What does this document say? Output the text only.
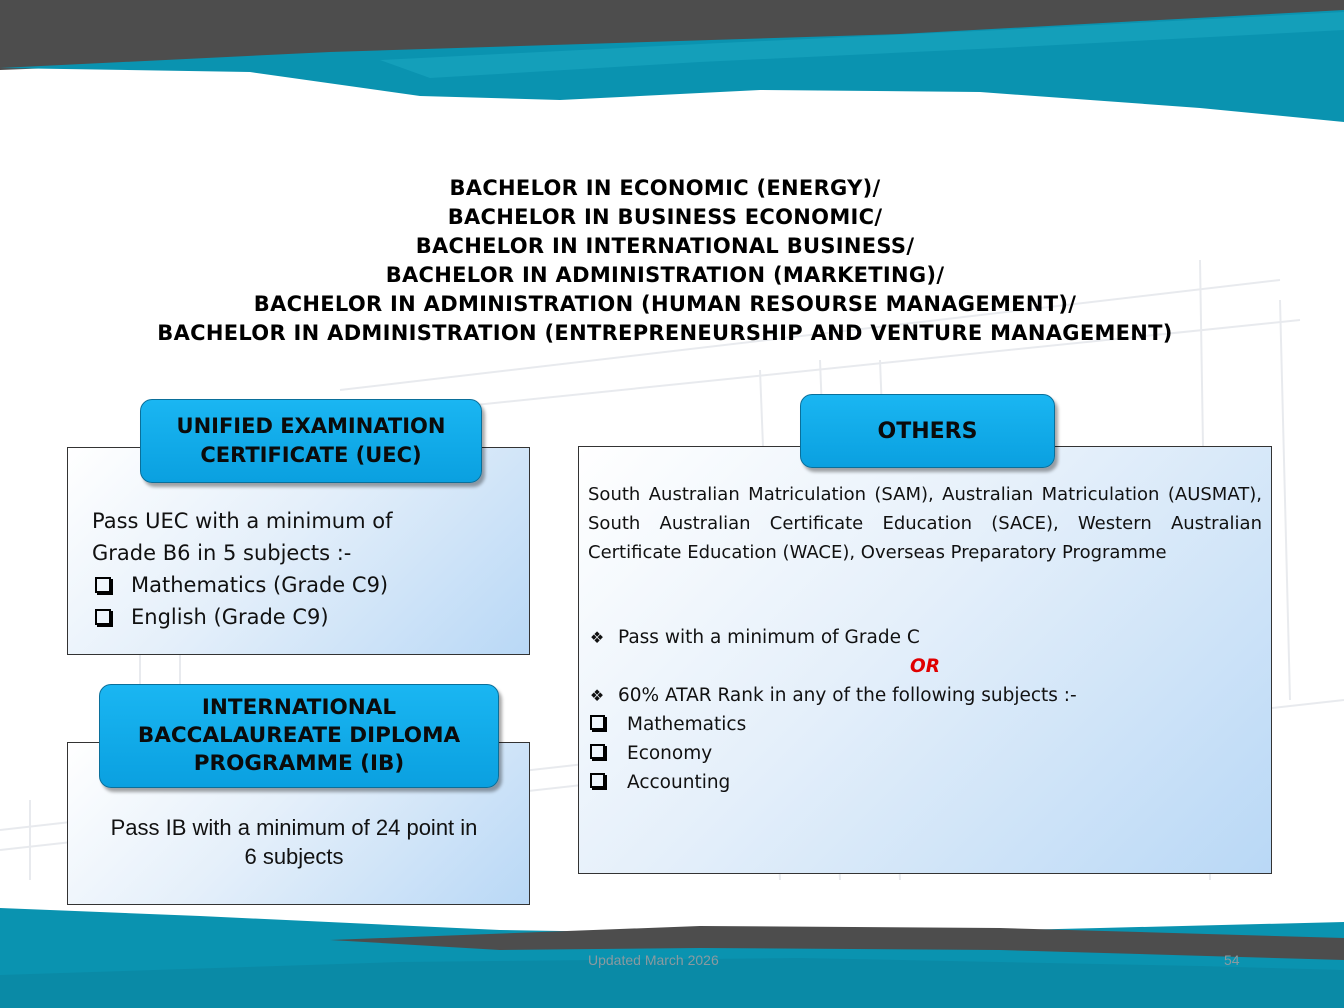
BACHELOR IN ECONOMIC (ENERGY)/
BACHELOR IN BUSINESS ECONOMIC/
BACHELOR IN INTERNATIONAL BUSINESS/
BACHELOR IN ADMINISTRATION (MARKETING)/
BACHELOR IN ADMINISTRATION (HUMAN RESOURSE MANAGEMENT)/
BACHELOR IN ADMINISTRATION (ENTREPRENEURSHIP AND VENTURE MANAGEMENT)
UNIFIED EXAMINATION
CERTIFICATE (UEC)
Pass UEC with a minimum of
Grade B6 in 5 subjects :-
Mathematics (Grade C9)
English (Grade C9)
INTERNATIONAL
BACCALAUREATE DIPLOMA
PROGRAMME (IB)
Pass IB with a minimum of 24 point in
6 subjects
OTHERS
South Australian Matriculation (SAM), Australian Matriculation (AUSMAT), South Australian Certificate Education (SACE), Western Australian Certificate Education (WACE), Overseas Preparatory Programme
❖ Pass with a minimum of Grade C
OR
❖ 60% ATAR Rank in any of the following subjects :-
Mathematics
Economy
Accounting
Updated March 2026	54
